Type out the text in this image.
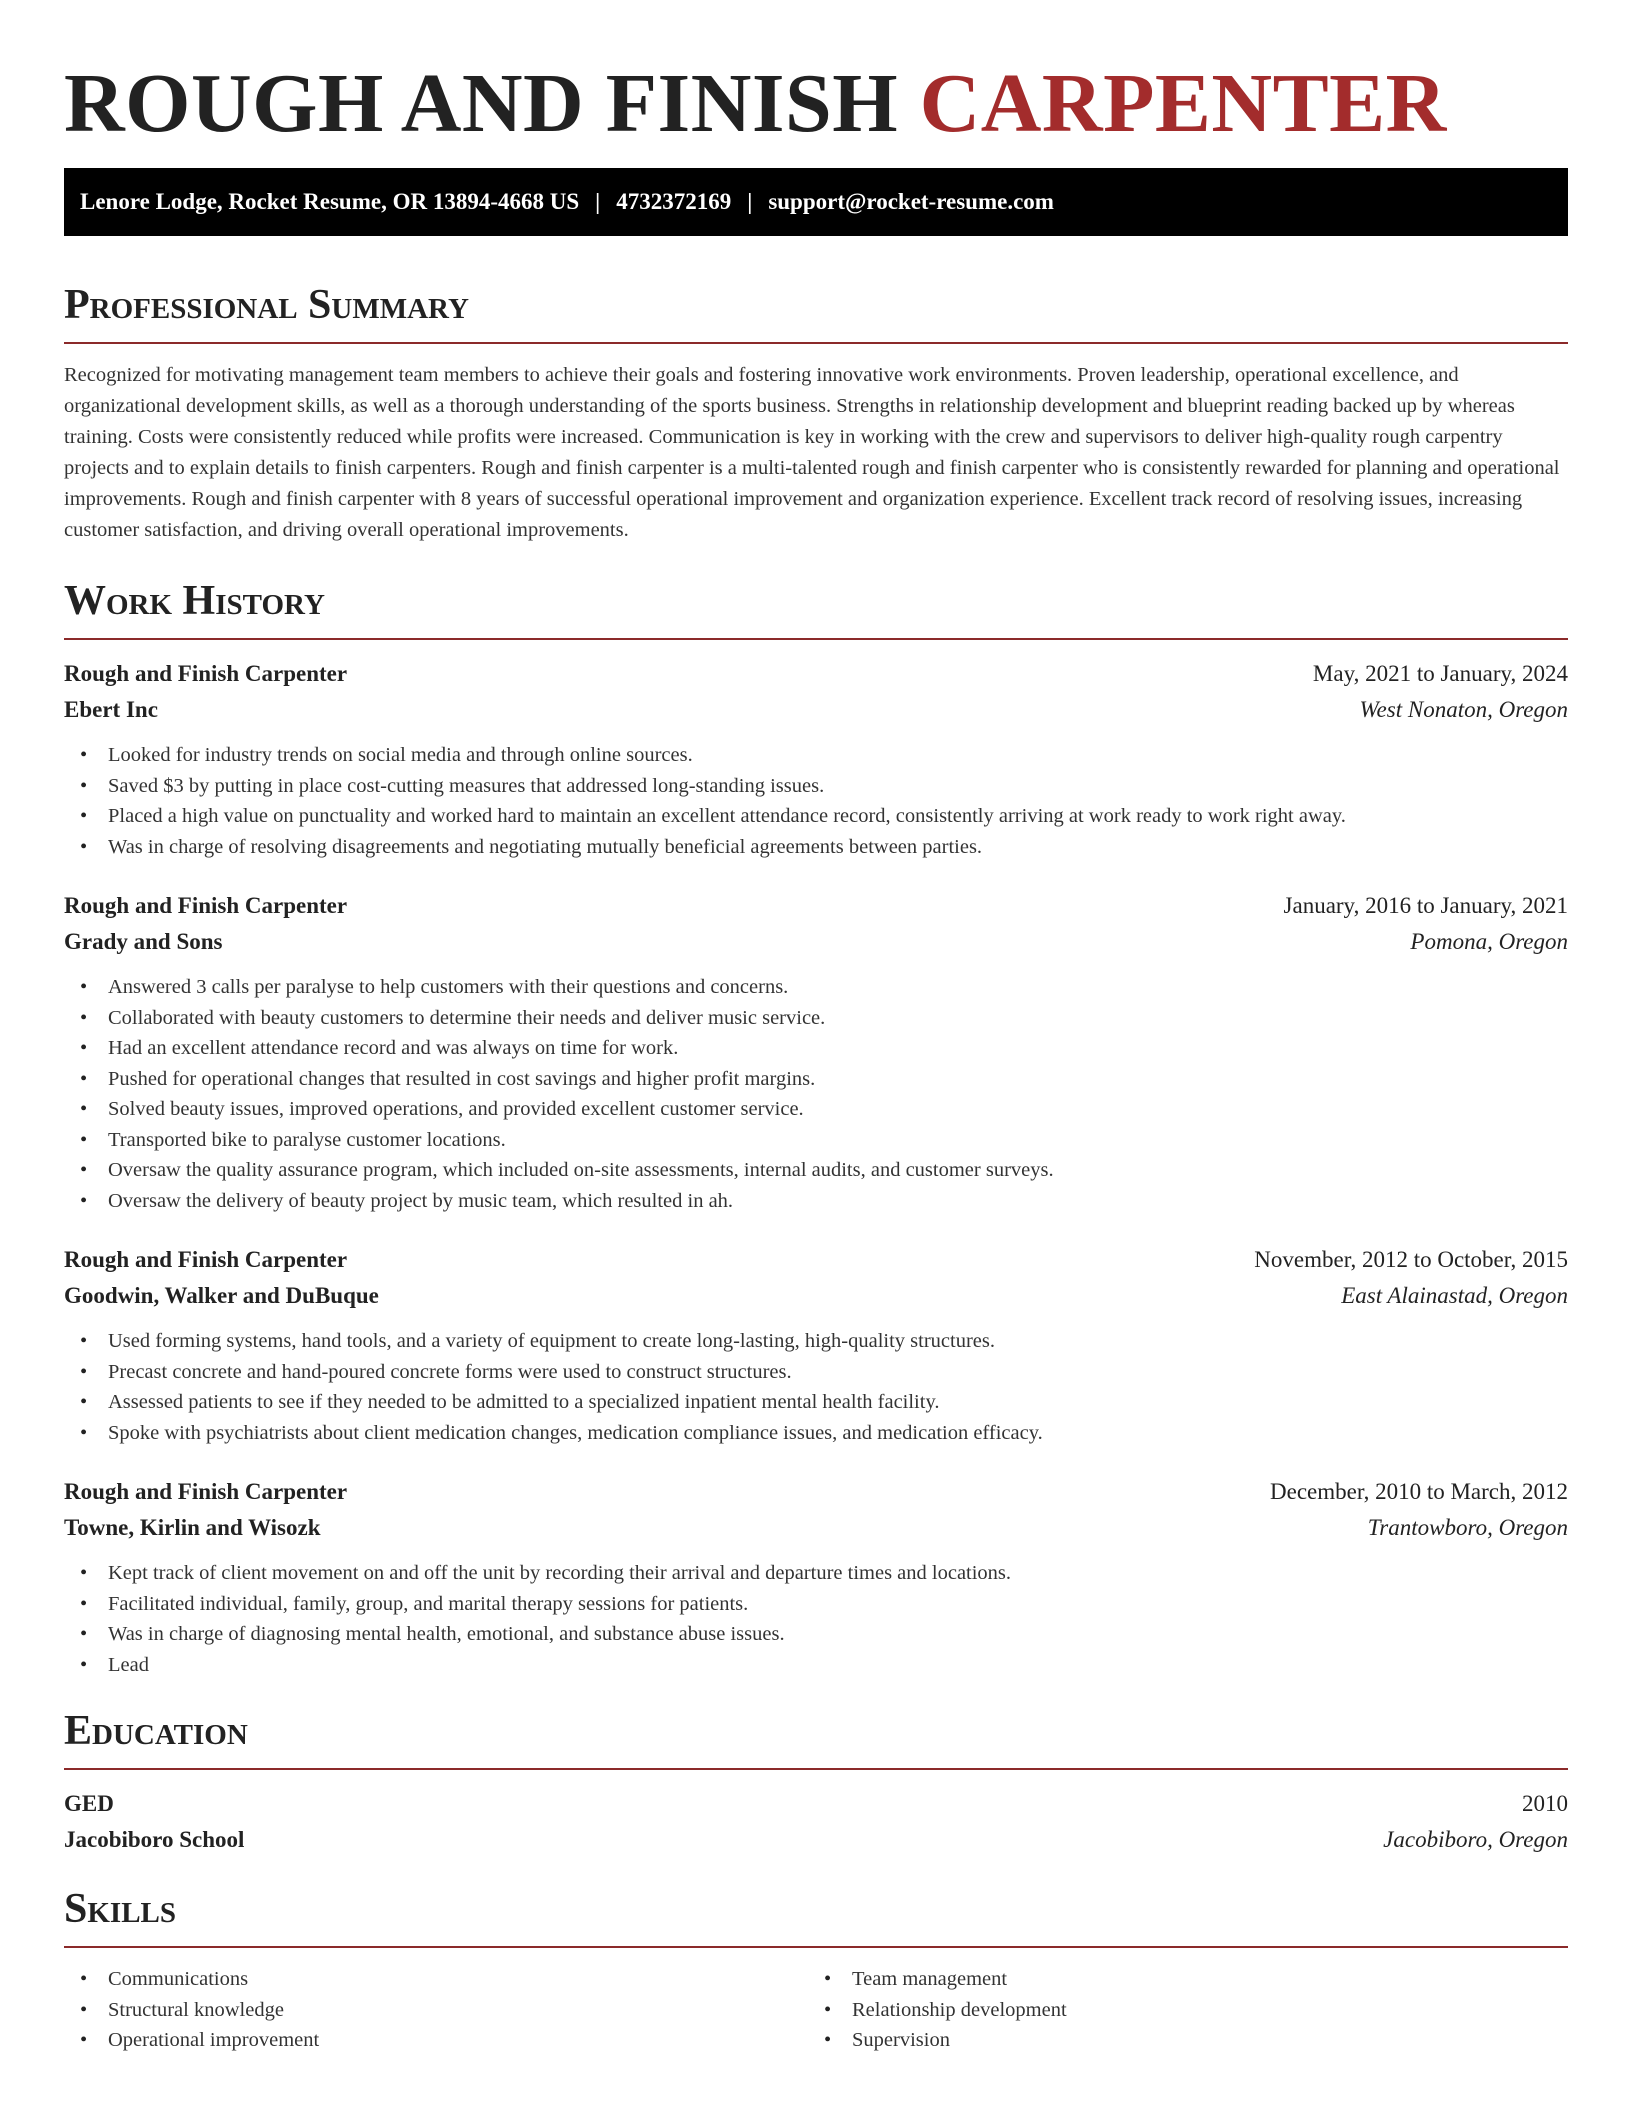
ROUGH AND FINISH CARPENTER
Lenore Lodge, Rocket Resume, OR 13894-4668 US | 4732372169 | support@rocket-resume.com
Professional Summary

Recognized for motivating management team members to achieve their goals and fostering innovative work environments. Proven leadership, operational excellence, and organizational development skills, as well as a thorough understanding of the sports business. Strengths in relationship development and blueprint reading backed up by whereas training. Costs were consistently reduced while profits were increased. Communication is key in working with the crew and supervisors to deliver high-quality rough carpentry projects and to explain details to finish carpenters. Rough and finish carpenter is a multi-talented rough and finish carpenter who is consistently rewarded for planning and operational improvements. Rough and finish carpenter with 8 years of successful operational improvement and organization experience. Excellent track record of resolving issues, increasing customer satisfaction, and driving overall operational improvements.

Work History
Rough and Finish Carpenter	May, 2021 to January, 2024
Ebert Inc	West Nonaton, Oregon
• Looked for industry trends on social media and through online sources.
• Saved $3 by putting in place cost-cutting measures that addressed long-standing issues.
• Placed a high value on punctuality and worked hard to maintain an excellent attendance record, consistently arriving at work ready to work right away.
• Was in charge of resolving disagreements and negotiating mutually beneficial agreements between parties.
Rough and Finish Carpenter	January, 2016 to January, 2021
Grady and Sons	Pomona, Oregon
• Answered 3 calls per paralyse to help customers with their questions and concerns.
• Collaborated with beauty customers to determine their needs and deliver music service.
• Had an excellent attendance record and was always on time for work.
• Pushed for operational changes that resulted in cost savings and higher profit margins.
• Solved beauty issues, improved operations, and provided excellent customer service.
• Transported bike to paralyse customer locations.
• Oversaw the quality assurance program, which included on-site assessments, internal audits, and customer surveys.
• Oversaw the delivery of beauty project by music team, which resulted in ah.
Rough and Finish Carpenter	November, 2012 to October, 2015
Goodwin, Walker and DuBuque	East Alainastad, Oregon
• Used forming systems, hand tools, and a variety of equipment to create long-lasting, high-quality structures.
• Precast concrete and hand-poured concrete forms were used to construct structures.
• Assessed patients to see if they needed to be admitted to a specialized inpatient mental health facility.
• Spoke with psychiatrists about client medication changes, medication compliance issues, and medication efficacy.
Rough and Finish Carpenter	December, 2010 to March, 2012
Towne, Kirlin and Wisozk	Trantowboro, Oregon
• Kept track of client movement on and off the unit by recording their arrival and departure times and locations.
• Facilitated individual, family, group, and marital therapy sessions for patients.
• Was in charge of diagnosing mental health, emotional, and substance abuse issues.
• Lead
Education
GED	2010
Jacobiboro School	Jacobiboro, Oregon
Skills
• Communications
• Structural knowledge
• Operational improvement
• Team management
• Relationship development
• Supervision
